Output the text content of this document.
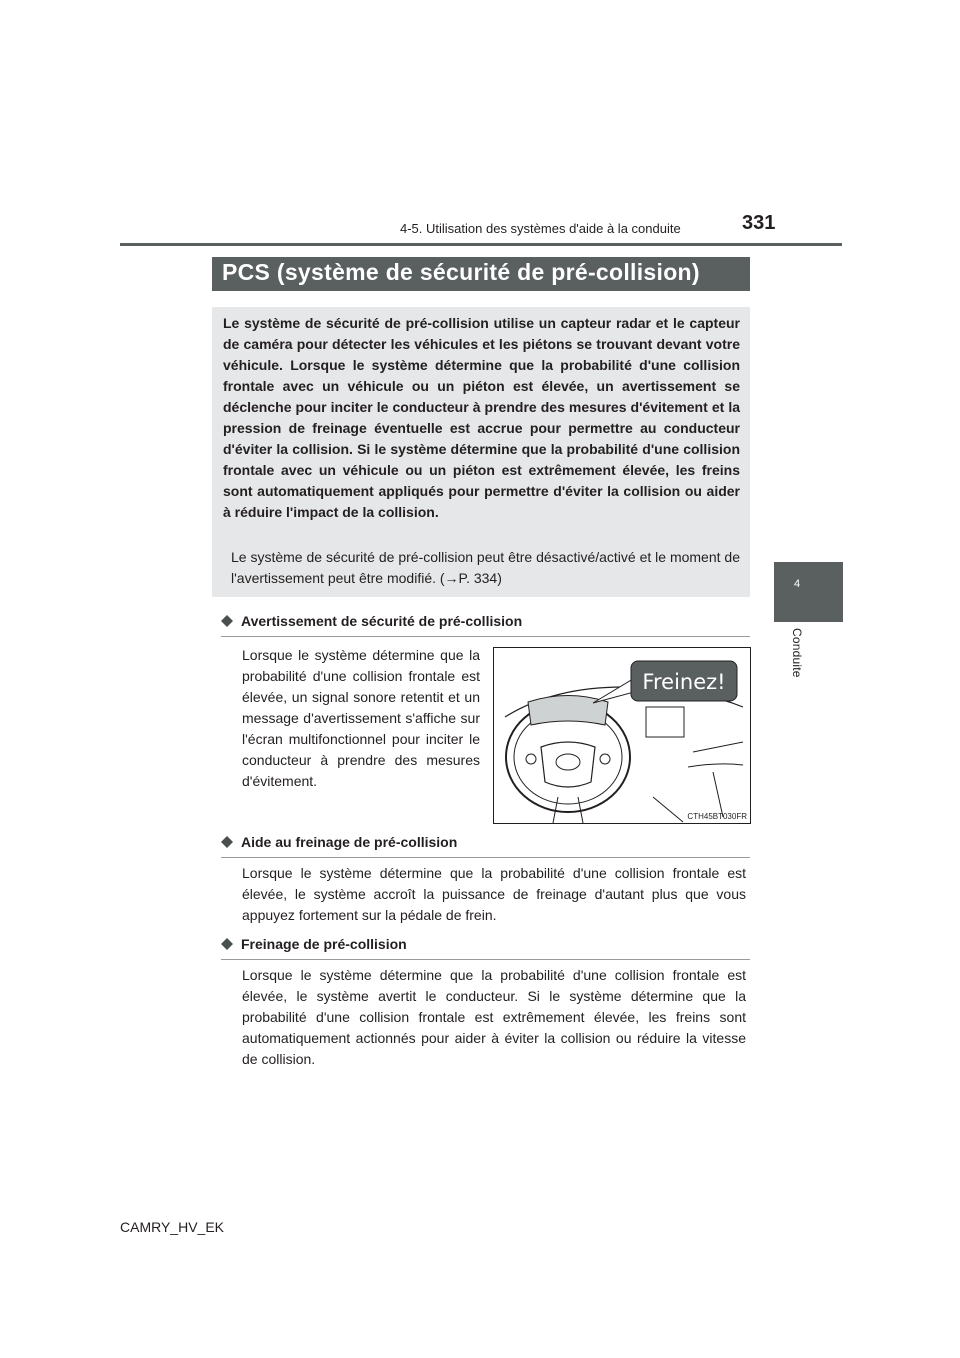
4-5. Utilisation des systèmes d'aide à la conduite	331
4
Conduite
PCS (système de sécurité de pré-collision)
Le système de sécurité de pré-collision utilise un capteur radar et le capteur de caméra pour détecter les véhicules et les piétons se trouvant devant votre véhicule. Lorsque le système détermine que la probabilité d'une collision frontale avec un véhicule ou un piéton est élevée, un avertissement se déclenche pour inciter le conducteur à prendre des mesures d'évitement et la pression de freinage éventuelle est accrue pour permettre au conducteur d'éviter la collision. Si le système détermine que la probabilité d'une collision frontale avec un véhicule ou un piéton est extrêmement élevée, les freins sont automatiquement appliqués pour permettre d'éviter la collision ou aider à réduire l'impact de la collision.
Le système de sécurité de pré-collision peut être désactivé/activé et le moment de l'avertissement peut être modifié. (→P. 334)
Avertissement de sécurité de pré-collision
Lorsque le système détermine que la probabilité d'une collision frontale est élevée, un signal sonore retentit et un message d'avertissement s'affiche sur l'écran multifonctionnel pour inciter le conducteur à prendre des mesures d'évitement.
Freinez!
CTH45BT030FR
Aide au freinage de pré-collision
Lorsque le système détermine que la probabilité d'une collision frontale est élevée, le système accroît la puissance de freinage d'autant plus que vous appuyez fortement sur la pédale de frein.
Freinage de pré-collision
Lorsque le système détermine que la probabilité d'une collision frontale est élevée, le système avertit le conducteur. Si le système détermine que la probabilité d'une collision frontale est extrêmement élevée, les freins sont automatiquement actionnés pour aider à éviter la collision ou réduire la vitesse de collision.
CAMRY_HV_EK
